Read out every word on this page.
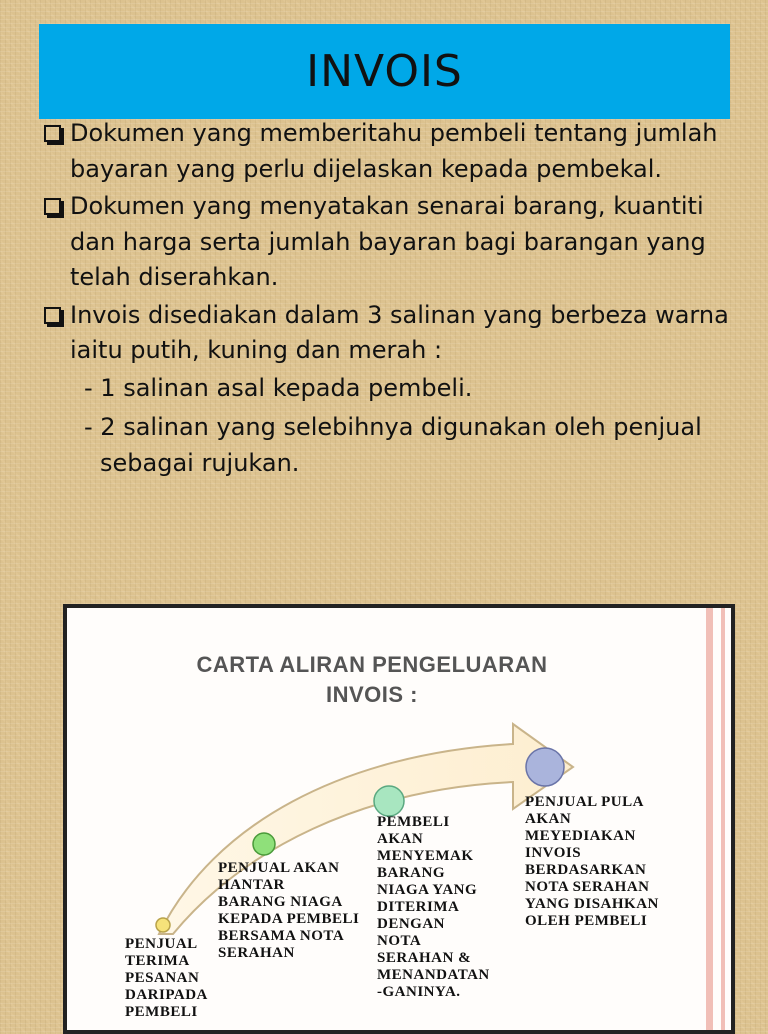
INVOIS

Dokumen yang memberitahu pembeli tentang jumlah bayaran yang perlu dijelaskan kepada pembekal.

Dokumen yang menyatakan senarai barang, kuantiti dan harga serta jumlah bayaran bagi barangan yang telah diserahkan.

Invois disediakan dalam 3 salinan yang berbeza warna iaitu putih, kuning dan merah :

- 1 salinan asal kepada pembeli.

- 2 salinan yang selebihnya digunakan oleh penjual sebagai rujukan.

CARTA ALIRAN PENGELUARAN
INVOIS :
PENJUAL
TERIMA
PESANAN
DARIPADA
PEMBELI
PENJUAL AKAN
HANTAR
BARANG NIAGA
KEPADA PEMBELI
BERSAMA NOTA
SERAHAN
PEMBELI
AKAN
MENYEMAK
BARANG
NIAGA YANG
DITERIMA
DENGAN
NOTA
SERAHAN &
MENANDATAN
-GANINYA.
PENJUAL PULA
AKAN
MEYEDIAKAN
INVOIS
BERDASARKAN
NOTA SERAHAN
YANG DISAHKAN
OLEH PEMBELI
